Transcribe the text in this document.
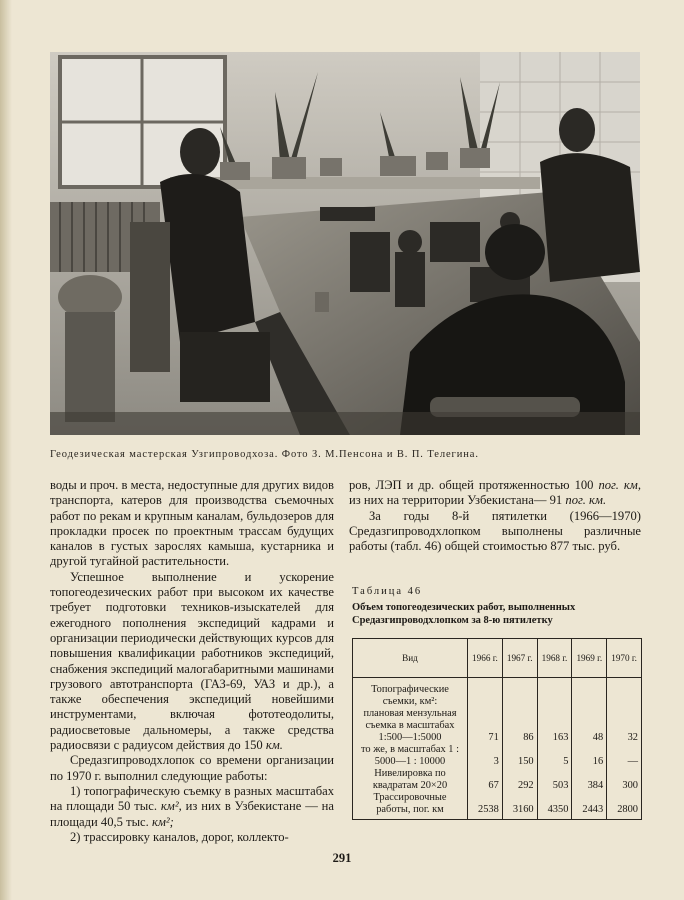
Геодезическая мастерская Узгипроводхоза. Фото З. М.Пенсона и В. П. Телегина.

воды и проч. в места, недоступные для других видов транспорта, катеров для производства съемочных работ по рекам и крупным каналам, бульдозеров для прокладки просек по проектным трассам будущих каналов в густых зарослях камыша, кустарника и другой тугайной растительности.

Успешное выполнение и ускорение топогеодезических работ при высоком их качестве требует подготовки техников-изыскателей для ежегодного пополнения экспедиций кадрами и организации периодически действующих курсов для повышения квалификации работников экспедиций, снабжения экспедиций малогабаритными машинами грузового автотранспорта (ГАЗ-69, УАЗ и др.), а также обеспечения экспедиций новейшими инструментами, включая фототеодолиты, радиосветовые дальномеры, а также средства радиосвязи с радиусом действия до 150 км.

Средазгипроводхлопок со времени организации по 1970 г. выполнил следующие работы:

1) топографическую съемку в разных масштабах на площади 50 тыс. км², из них в Узбекистане — на площади 40,5 тыс. км²;

2) трассировку каналов, дорог, коллекто-

ров, ЛЭП и др. общей протяженностью 100 пог. км, из них на территории Узбекистана— 91 пог. км.

За годы 8-й пятилетки (1966—1970) Средазгипроводхлопком выполнены различные работы (табл. 46) общей стоимостью 877 тыс. руб.

Таблица 46
Объем топогеодезических работ, выполненных Средазгипроводхлопком за 8-ю пятилетку
Вид	1966 г.	1967 г.	1968 г.	1969 г.	1970 г.
Топографические съемки, км²:					
плановая мензульная съемка в масштабах 1:500—1:5000	71	86	163	48	32
то же, в масштабах 1 : 5000—1 : 10000	3	150	5	16	—
Нивелировка по квадратам 20×20	67	292	503	384	300
Трассировочные работы, пог. км	2538	3160	4350	2443	2800
291
